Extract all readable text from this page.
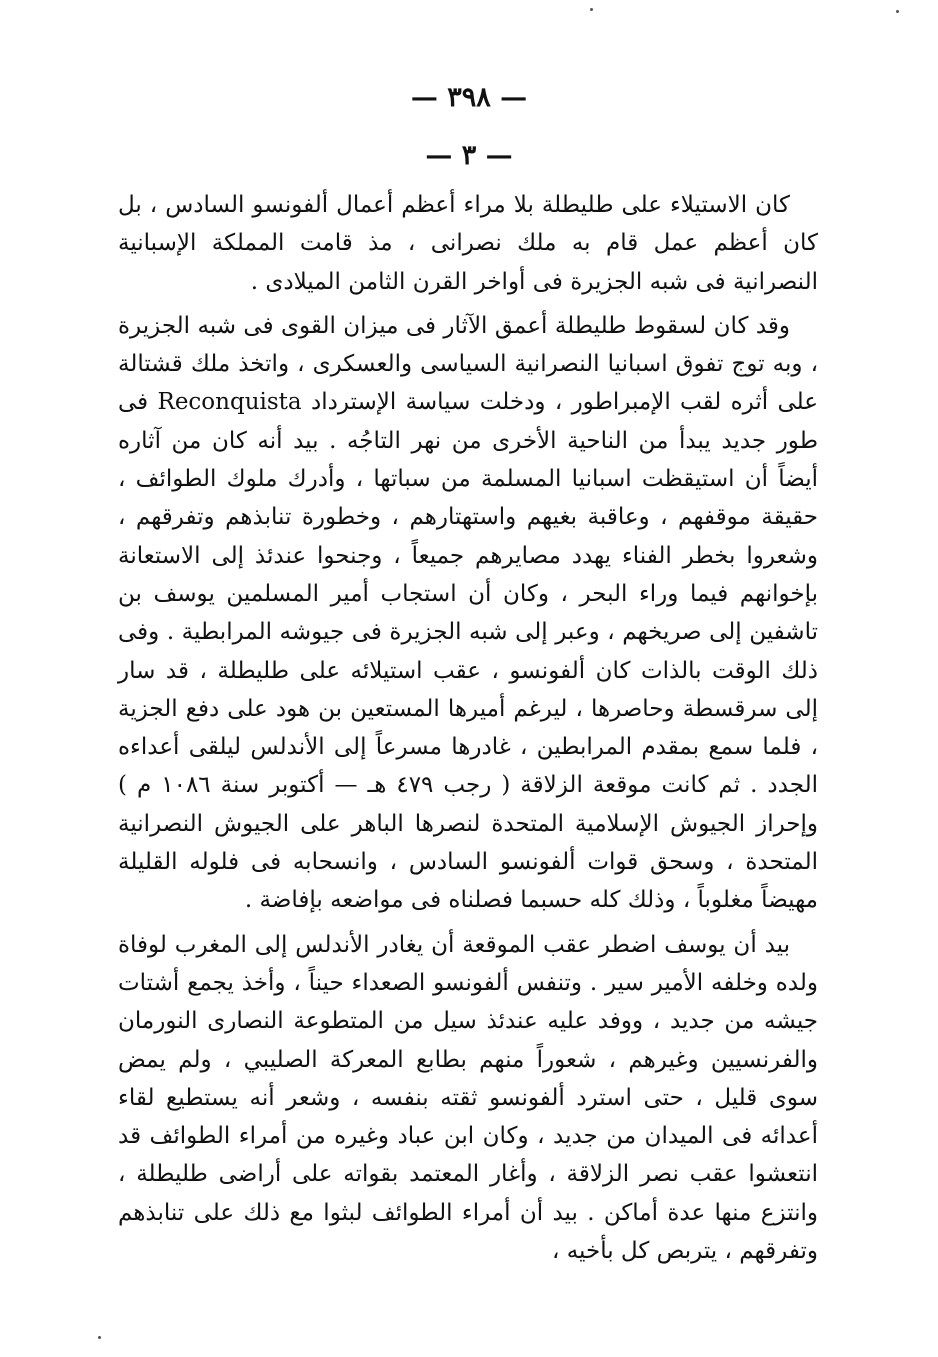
— ٣٩٨ —
— ٣ —

كان الاستيلاء على طليطلة بلا مراء أعظم أعمال ألفونسو السادس ، بل كان أعظم عمل قام به ملك نصرانى ، مذ قامت المملكة الإسبانية النصرانية فى شبه الجزيرة فى أواخر القرن الثامن الميلادى .

وقد كان لسقوط طليطلة أعمق الآثار فى ميزان القوى فى شبه الجزيرة ، وبه توج تفوق اسبانيا النصرانية السياسى والعسكرى ، واتخذ ملك قشتالة على أثره لقب الإمبراطور ، ودخلت سياسة الإسترداد Reconquista فى طور جديد يبدأ من الناحية الأخرى من نهر التاجُه . بيد أنه كان من آثاره أيضاً أن استيقظت اسبانيا المسلمة من سباتها ، وأدرك ملوك الطوائف ، حقيقة موقفهم ، وعاقبة بغيهم واستهتارهم ، وخطورة تنابذهم وتفرقهم ، وشعروا بخطر الفناء يهدد مصايرهم جميعاً ، وجنحوا عندئذ إلى الاستعانة بإخوانهم فيما وراء البحر ، وكان أن استجاب أمير المسلمين يوسف بن تاشفين إلى صريخهم ، وعبر إلى شبه الجزيرة فى جيوشه المرابطية . وفى ذلك الوقت بالذات كان ألفونسو ، عقب استيلائه على طليطلة ، قد سار إلى سرقسطة وحاصرها ، ليرغم أميرها المستعين بن هود على دفع الجزية ، فلما سمع بمقدم المرابطين ، غادرها مسرعاً إلى الأندلس ليلقى أعداءه الجدد . ثم كانت موقعة الزلاقة ( رجب ٤٧٩ هـ — أكتوبر سنة ١٠٨٦ م ) وإحراز الجيوش الإسلامية المتحدة لنصرها الباهر على الجيوش النصرانية المتحدة ، وسحق قوات ألفونسو السادس ، وانسحابه فى فلوله القليلة مهيضاً مغلوباً ، وذلك كله حسبما فصلناه فى مواضعه بإفاضة .

بيد أن يوسف اضطر عقب الموقعة أن يغادر الأندلس إلى المغرب لوفاة ولده وخلفه الأمير سير . وتنفس ألفونسو الصعداء حيناً ، وأخذ يجمع أشتات جيشه من جديد ، ووفد عليه عندئذ سيل من المتطوعة النصارى النورمان والفرنسيين وغيرهم ، شعوراً منهم بطابع المعركة الصليبي ، ولم يمض سوى قليل ، حتى استرد ألفونسو ثقته بنفسه ، وشعر أنه يستطيع لقاء أعدائه فى الميدان من جديد ، وكان ابن عباد وغيره من أمراء الطوائف قد انتعشوا عقب نصر الزلاقة ، وأغار المعتمد بقواته على أراضى طليطلة ، وانتزع منها عدة أماكن . بيد أن أمراء الطوائف لبثوا مع ذلك على تنابذهم وتفرقهم ، يتربص كل بأخيه ،
